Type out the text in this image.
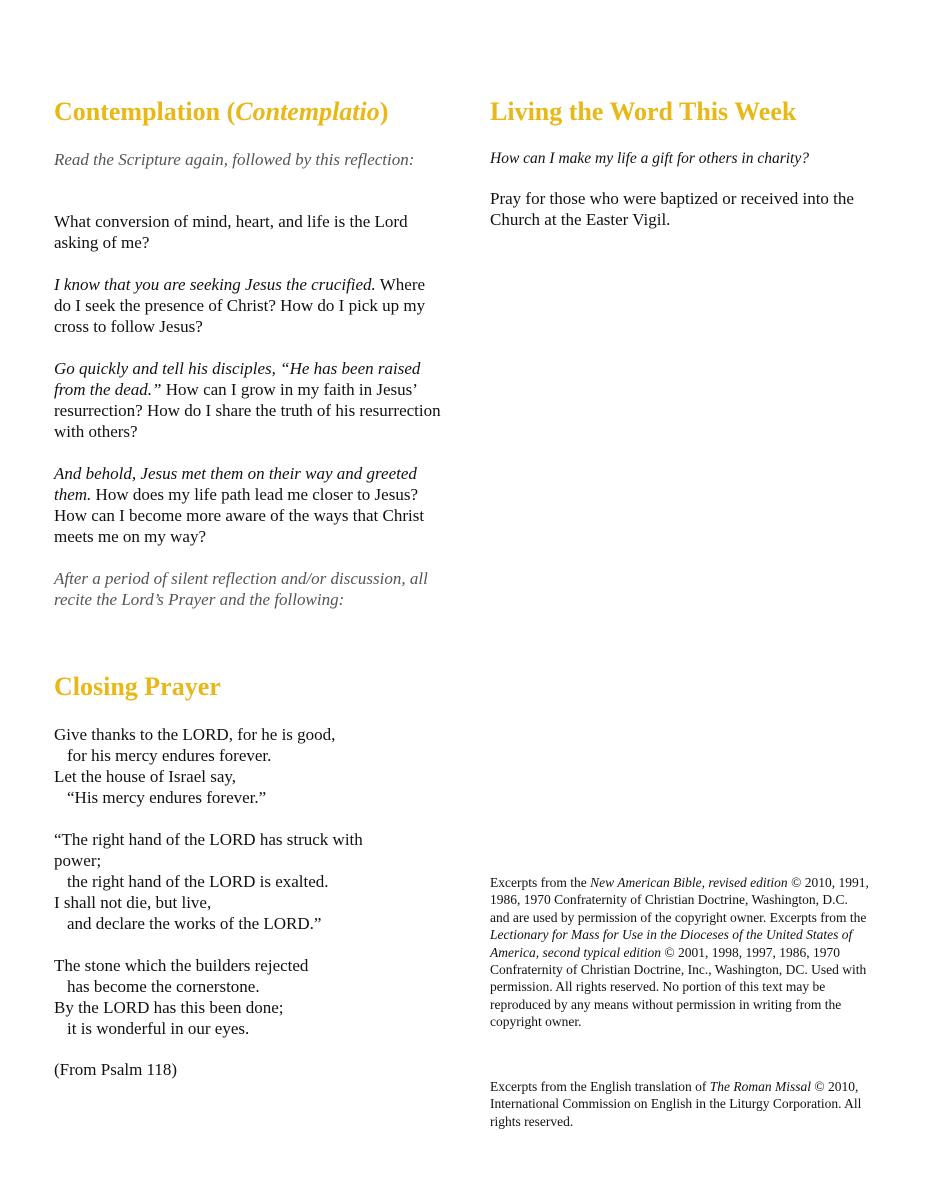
Contemplation (Contemplatio)

Read the Scripture again, followed by this reflection:

What conversion of mind, heart, and life is the Lord asking of me?

I know that you are seeking Jesus the crucified. Where do I seek the presence of Christ? How do I pick up my cross to follow Jesus?

Go quickly and tell his disciples, “He has been raised from the dead.” How can I grow in my faith in Jesus’ resurrection? How do I share the truth of his resurrection with others?

And behold, Jesus met them on their way and greeted them. How does my life path lead me closer to Jesus? How can I become more aware of the ways that Christ meets me on my way?

After a period of silent reflection and/or discussion, all recite the Lord’s Prayer and the following:

Closing Prayer
Give thanks to the LORD, for he is good,
for his mercy endures forever.
Let the house of Israel say,
“His mercy endures forever.”
“The right hand of the LORD has struck with
power;
the right hand of the LORD is exalted.
I shall not die, but live,
and declare the works of the LORD.”
The stone which the builders rejected
has become the cornerstone.
By the LORD has this been done;
it is wonderful in our eyes.

(From Psalm 118)

Living the Word This Week

How can I make my life a gift for others in charity?

Pray for those who were baptized or received into the Church at the Easter Vigil.

Excerpts from the New American Bible, revised edition © 2010, 1991, 1986, 1970 Confraternity of Christian Doctrine, Washington, D.C. and are used by permission of the copyright owner. Excerpts from the Lectionary for Mass for Use in the Dioceses of the United States of America, second typical edition © 2001, 1998, 1997, 1986, 1970 Confraternity of Christian Doctrine, Inc., Washington, DC. Used with permission. All rights reserved. No portion of this text may be reproduced by any means without permission in writing from the copyright owner.

Excerpts from the English translation of The Roman Missal © 2010, International Commission on English in the Liturgy Corporation. All rights reserved.
